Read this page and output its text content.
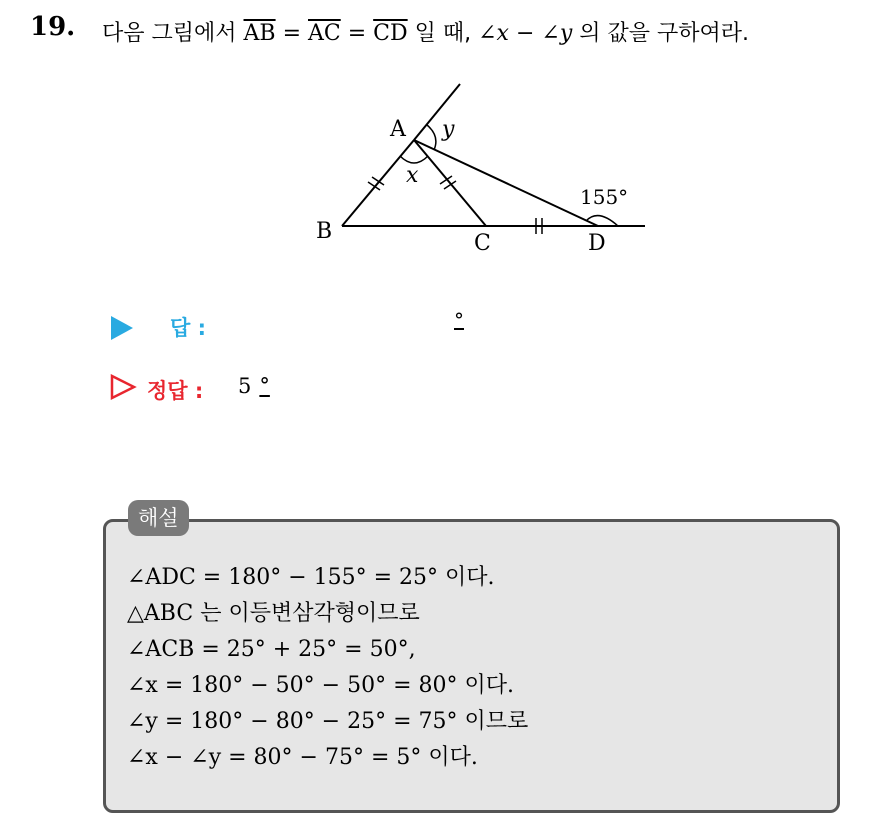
19. 다음 그림에서 $\overline{AB} = \overline{AC} = \overline{CD}$ 일 때, ∠x − ∠y 의 값을 구하여라.
A
B	C	D
x
y
155°
답 :	°
정답 : 5 °
해설
∠ADC = 180° − 155° = 25° 이다.
△ABC 는 이등변삼각형이므로
∠ACB = 25° + 25° = 50°,
∠x = 180° − 50° − 50° = 80° 이다.
∠y = 180° − 80° − 25° = 75° 이므로
∠x − ∠y = 80° − 75° = 5° 이다.
